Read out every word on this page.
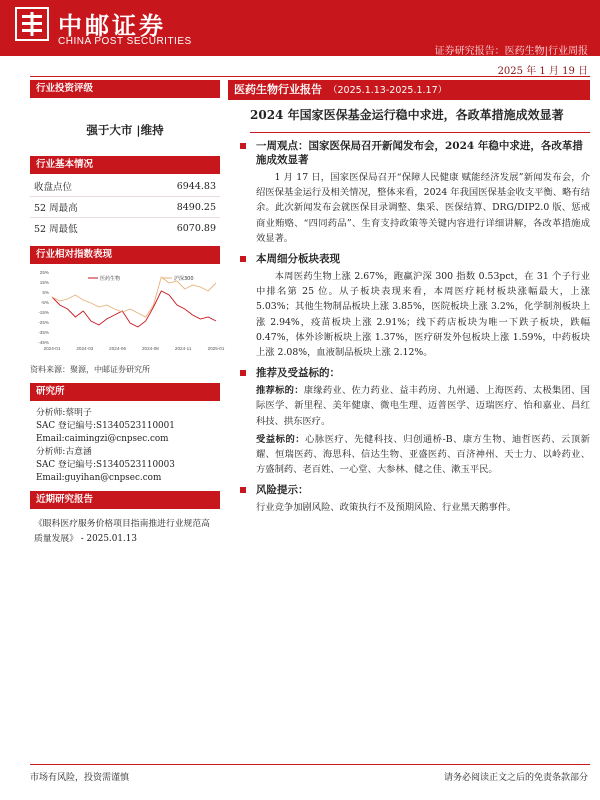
中邮证券
CHINA POST SECURITIES
证券研究报告：医药生物|行业周报
2025 年 1 月 19 日
行业投资评级
强于大市 |维持
行业基本情况
收盘点位	6944.83
52 周最高	8490.25
52 周最低	6070.89
行业相对指数表现
25%
15%
5%
-5%
-15%
-25%
-35%
-45%
2024-01	2024-03	2024-06	2024-08	2024-11	2025-01
医药生物	沪深300
资料来源：聚源，中邮证券研究所
研究所
分析师:蔡明子
SAC 登记编号:S1340523110001
Email:caimingzi@cnpsec.com
分析师:古意涵
SAC 登记编号:S1340523110003
Email:guyihan@cnpsec.com
近期研究报告
《眼科医疗服务价格项目指南推进行业规范高质量发展》 - 2025.01.13
医药生物行业报告 （2025.1.13-2025.1.17）
2024 年国家医保基金运行稳中求进，各政革措施成效显著
一周观点：国家医保局召开新闻发布会，2024 年稳中求进，各改革措施成效显著
1 月 17 日，国家医保局召开“保障人民健康 赋能经济发展”新闻发布会，介绍医保基金运行及相关情况，整体来看，2024 年我国医保基金收支平衡、略有结余。此次新闻发布会就医保目录调整、集采、医保结算、DRG/DIP2.0 版、惩戒商业贿赂、“四同药品”、生育支持政策等关键内容进行详细讲解，各改革措施成效显著。
本周细分板块表现
本周医药生物上涨 2.67%，跑赢沪深 300 指数 0.53pct，在 31 个子行业中排名第 25 位。从子板块表现来看，本周医疗耗材板块涨幅最大，上涨 5.03%；其他生物制品板块上涨 3.85%，医院板块上涨 3.2%，化学制剂板块上涨 2.94%，疫苗板块上涨 2.91%；线下药店板块为唯一下跌子板块，跌幅 0.47%，体外诊断板块上涨 1.37%，医疗研发外包板块上涨 1.59%，中药板块上涨 2.08%，血液制品板块上涨 2.12%。
推荐及受益标的：
推荐标的：康缘药业、佐力药业、益丰药房、九州通、上海医药、太极集团、国际医学、新里程、美年健康、微电生理、迈普医学、迈瑞医疗、怡和嘉业、昌红科技、拱东医疗。
受益标的：心脉医疗、先健科技、归创通桥-B、康方生物、迪哲医药、云顶新耀、恒瑞医药、海思科、信达生物、亚盛医药、百济神州、天士力、以岭药业、方盛制药、老百姓、一心堂、大参林、健之佳、漱玉平民。
风险提示：
行业竞争加剧风险、政策执行不及预期风险、行业黑天鹅事件。
市场有风险，投资需谨慎	请务必阅读正文之后的免责条款部分
